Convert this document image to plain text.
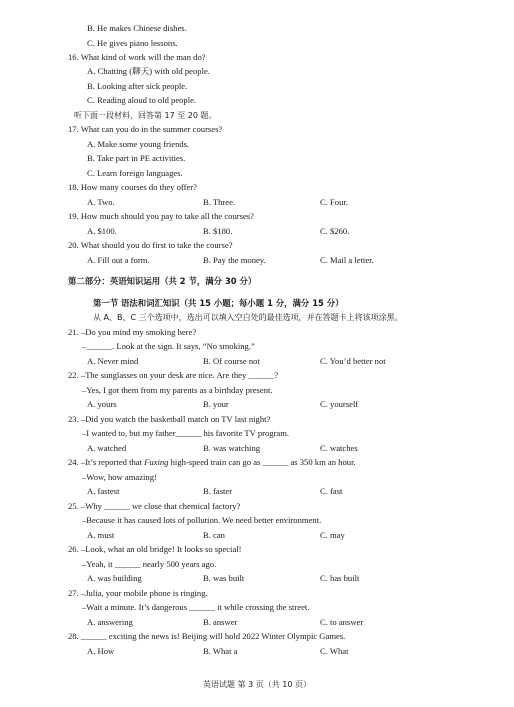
B. He makes Chinese dishes.
C. He gives piano lessons.
16. What kind of work will the man do?
A. Chatting (聊天) with old people.
B. Looking after sick people.
C. Reading aloud to old people.
听下面一段材料，回答第 17 至 20 题。
17. What can you do in the summer courses?
A. Make some young friends.
B. Take part in PE activities.
C. Learn foreign languages.
18. How many courses do they offer?
A. Two.	B. Three.	C. Four.
19. How much should you pay to take all the courses?
A. $100.	B. $180.	C. $260.
20. What should you do first to take the course?
A. Fill out a form.	B. Pay the money.	C. Mail a letter.
第二部分：英语知识运用（共 2 节，满分 30 分）
第一节 语法和词汇知识（共 15 小题；每小题 1 分，满分 15 分）
从 A、B、C 三个选项中，选出可以填入空白处的最佳选项，并在答题卡上将该项涂黑。
21. –Do you mind my smoking here?
–______. Look at the sign. It says, “No smoking.”
A. Never mind	B. Of course not	C. You’d better not
22. –The sunglasses on your desk are nice. Are they ______?
–Yes, I got them from my parents as a birthday present.
A. yours	B. your	C. yourself
23. –Did you watch the basketball match on TV last night?
–I wanted to, but my father______ his favorite TV program.
A. watched	B. was watching	C. watches
–Wow, how amazing!
A. fastest	B. faster	C. fast
25. –Why ______ we close that chemical factory?
–Because it has caused lots of pollution. We need better environment.
A. must	B. can	C. may
26. –Look, what an old bridge! It looks so special!
–Yeah, it ______ nearly 500 years ago.
A. was building	B. was built	C. has built
27. –Julia, your mobile phone is ringing.
–Wait a minute. It’s dangerous ______ it while crossing the street.
A. answering	B. answer	C. to answer
28. ______ exciting the news is! Beijing will hold 2022 Winter Olympic Games.
A. How	B. What a	C. What
24. –It’s reported that Fuxing high-speed train can go as ______ as 350 km an hour.
英语试题 第 3 页（共 10 页）
